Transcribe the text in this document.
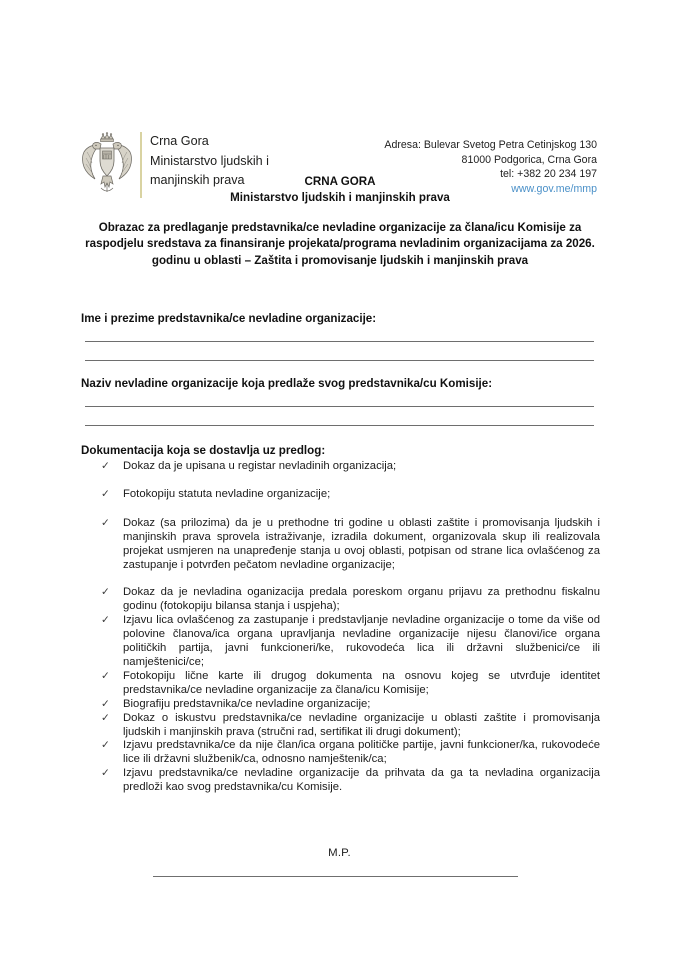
Crna Gora
Ministarstvo ljudskih i
manjinskih prava
Adresa: Bulevar Svetog Petra Cetinjskog 130
81000 Podgorica, Crna Gora
tel: +382 20 234 197
www.gov.me/mmp
CRNA GORA
Ministarstvo ljudskih i manjinskih prava
Obrazac za predlaganje predstavnika/ce nevladine organizacije za člana/icu Komisije za raspodjelu sredstava za finansiranje projekata/programa nevladinim organizacijama za 2026. godinu u oblasti – Zaštita i promovisanje ljudskih i manjinskih prava
Ime i prezime predstavnika/ce nevladine organizacije:
Naziv nevladine organizacije koja predlaže svog predstavnika/cu Komisije:
Dokumentacija koja se dostavlja uz predlog:
✓ Dokaz da je upisana u registar nevladinih organizacija;
✓ Fotokopiju statuta nevladine organizacije;
✓ Dokaz (sa prilozima) da je u prethodne tri godine u oblasti zaštite i promovisanja ljudskih i manjinskih prava sprovela istraživanje, izradila dokument, organizovala skup ili realizovala projekat usmjeren na unapređenje stanja u ovoj oblasti, potpisan od strane lica ovlašćenog za zastupanje i potvrđen pečatom nevladine organizacije;
✓ Dokaz da je nevladina oganizacija predala poreskom organu prijavu za prethodnu fiskalnu godinu (fotokopiju bilansa stanja i uspjeha);
✓ Izjavu lica ovlašćenog za zastupanje i predstavljanje nevladine organizacije o tome da više od polovine članova/ica organa upravljanja nevladine organizacije nijesu članovi/ice organa političkih partija, javni funkcioneri/ke, rukovodeća lica ili državni službenici/ce ili namještenici/ce;
✓ Fotokopiju lične karte ili drugog dokumenta na osnovu kojeg se utvrđuje identitet predstavnika/ce nevladine organizacije za člana/icu Komisije;
✓ Biografiju predstavnika/ce nevladine organizacije;
✓ Dokaz o iskustvu predstavnika/ce nevladine organizacije u oblasti zaštite i promovisanja ljudskih i manjinskih prava (stručni rad, sertifikat ili drugi dokument);
✓ Izjavu predstavnika/ce da nije član/ica organa političke partije, javni funkcioner/ka, rukovodeće lice ili državni službenik/ca, odnosno namještenik/ca;
✓ Izjavu predstavnika/ce nevladine organizacije da prihvata da ga ta nevladina organizacija predloži kao svog predstavnika/cu Komisije.
M.P.
